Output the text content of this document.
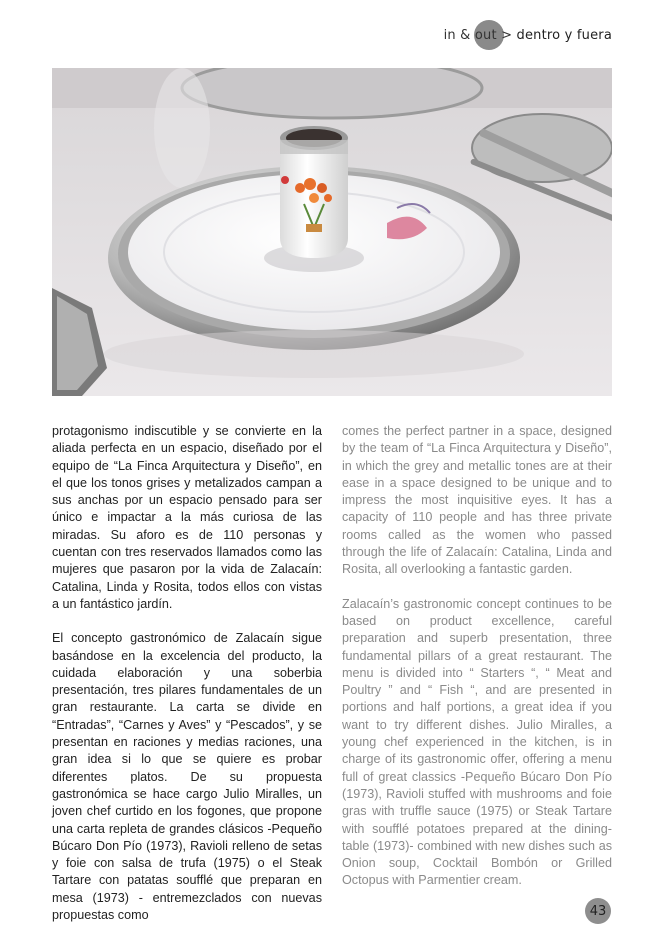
in & out >
dentro y fuera

protagonismo indiscutible y se convierte en la aliada perfecta en un espacio, diseñado por el equipo de “La Finca Arquitectura y Diseño”, en el que los tonos grises y metalizados campan a sus anchas por un espacio pensado para ser único e impactar a la más curiosa de las miradas. Su aforo es de 110 personas y cuentan con tres reservados llamados como las mujeres que pasaron por la vida de Zalacaín: Catalina, Linda y Rosita, todos ellos con vistas a un fantástico jardín.

El concepto gastronómico de Zalacaín sigue basándose en la excelencia del producto, la cuidada elaboración y una soberbia presentación, tres pilares fundamentales de un gran restaurante. La carta se divide en “Entradas”, “Carnes y Aves” y “Pescados”, y se presentan en raciones y medias raciones, una gran idea si lo que se quiere es probar diferentes platos. De su propuesta gastronómica se hace cargo Julio Miralles, un joven chef curtido en los fogones, que propone una carta repleta de grandes clásicos -Pequeño Búcaro Don Pío (1973), Ravioli relleno de setas y foie con salsa de trufa (1975) o el Steak Tartare con patatas soufflé que preparan en mesa (1973) - entremezclados con nuevas propuestas como

comes the perfect partner in a space, designed by the team of “La Finca Arquitectura y Diseño”, in which the grey and metallic tones are at their ease in a space designed to be unique and to impress the most inquisitive eyes. It has a capacity of 110 people and has three private rooms called as the women who passed through the life of Zalacaín: Catalina, Linda and Rosita, all overlooking a fantastic garden.

Zalacaín’s gastronomic concept continues to be based on product excellence, careful preparation and superb presentation, three fundamental pillars of a great restaurant. The menu is divided into “ Starters “, “ Meat and Poultry ” and “ Fish “, and are presented in portions and half portions, a great idea if you want to try different dishes. Julio Miralles, a young chef experienced in the kitchen, is in charge of its gastronomic offer, offering a menu full of great classics -Pequeño Búcaro Don Pío (1973), Ravioli stuffed with mushrooms and foie gras with truffle sauce (1975) or Steak Tartare with soufflé potatoes prepared at the dining-table (1973)- combined with new dishes such as Onion soup, Cocktail Bombón or Grilled Octopus with Parmentier cream.

43
